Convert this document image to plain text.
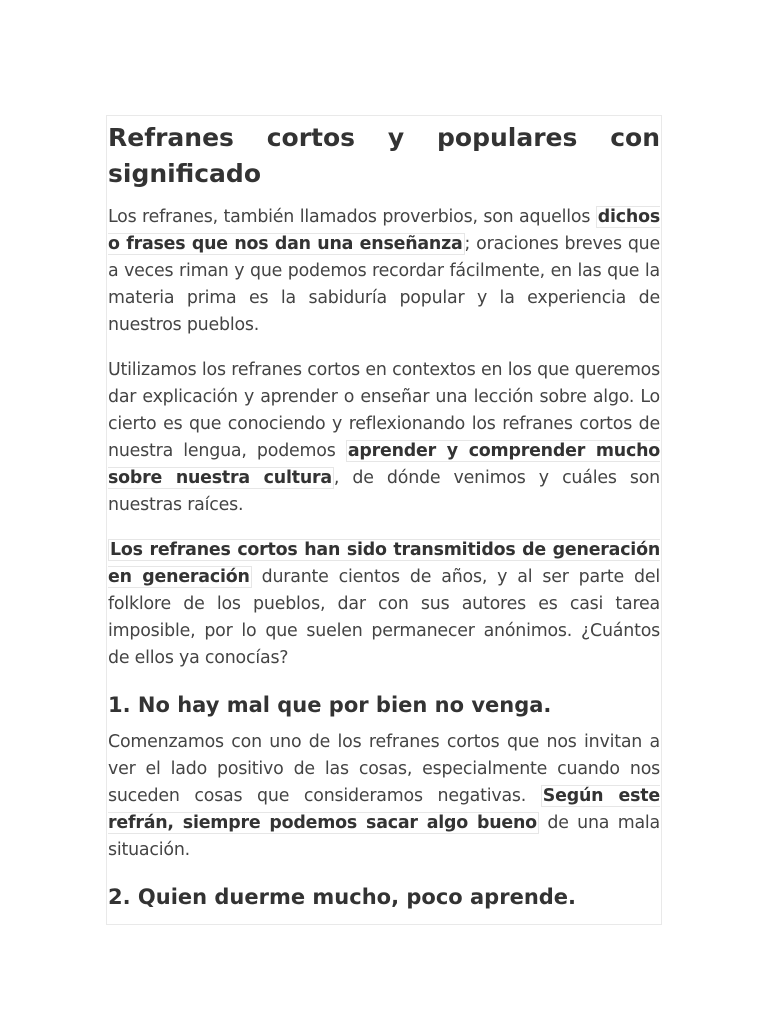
Refranes cortos y populares con significado

Los refranes, también llamados proverbios, son aquellos dichos o frases que nos dan una enseñanza ; oraciones breves que a veces riman y que podemos recordar fácilmente, en las que la materia prima es la sabiduría popular y la experiencia de nuestros pueblos.

Utilizamos los refranes cortos en contextos en los que queremos dar explicación y aprender o enseñar una lección sobre algo. Lo cierto es que conociendo y reflexionando los refranes cortos de nuestra lengua, podemos aprender y comprender mucho sobre nuestra cultura , de dónde venimos y cuáles son nuestras raíces.

Los refranes cortos han sido transmitidos de generación en generación durante cientos de años, y al ser parte del folklore de los pueblos, dar con sus autores es casi tarea imposible, por lo que suelen permanecer anónimos. ¿Cuántos de ellos ya conocías?

1. No hay mal que por bien no venga.

Comenzamos con uno de los refranes cortos que nos invitan a ver el lado positivo de las cosas, especialmente cuando nos suceden cosas que consideramos negativas. Según este refrán, siempre podemos sacar algo bueno de una mala situación.

2. Quien duerme mucho, poco aprende.
